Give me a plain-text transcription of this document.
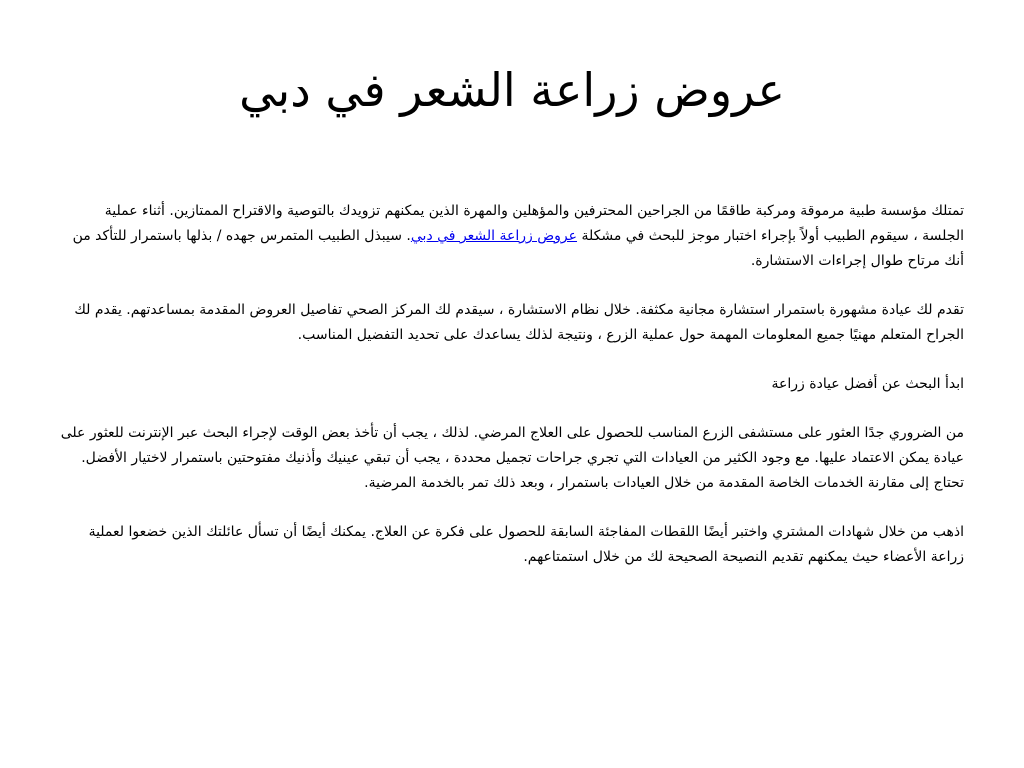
عروض زراعة الشعر في دبي

تمتلك مؤسسة طبية مرموقة ومركبة طاقمًا من الجراحين المحترفين والمؤهلين والمهرة الذين يمكنهم تزويدك بالتوصية والاقتراح الممتازين. أثناء عملية الجلسة ، سيقوم الطبيب أولاً بإجراء اختبار موجز للبحث في مشكلة عروض زراعة الشعر في دبي. سيبذل الطبيب المتمرس جهده / بذلها باستمرار للتأكد من أنك مرتاح طوال إجراءات الاستشارة.

تقدم لك عيادة مشهورة باستمرار استشارة مجانية مكثفة. خلال نظام الاستشارة ، سيقدم لك المركز الصحي تفاصيل العروض المقدمة بمساعدتهم. يقدم لك الجراح المتعلم مهنيًا جميع المعلومات المهمة حول عملية الزرع ، ونتيجة لذلك يساعدك على تحديد التفضيل المناسب.

ابدأ البحث عن أفضل عيادة زراعة

من الضروري جدًا العثور على مستشفى الزرع المناسب للحصول على العلاج المرضي. لذلك ، يجب أن تأخذ بعض الوقت لإجراء البحث عبر الإنترنت للعثور على عيادة يمكن الاعتماد عليها. مع وجود الكثير من العيادات التي تجري جراحات تجميل محددة ، يجب أن تبقي عينيك وأذنيك مفتوحتين باستمرار لاختيار الأفضل. تحتاج إلى مقارنة الخدمات الخاصة المقدمة من خلال العيادات باستمرار ، وبعد ذلك تمر بالخدمة المرضية.

اذهب من خلال شهادات المشتري واختبر أيضًا اللقطات المفاجئة السابقة للحصول على فكرة عن العلاج. يمكنك أيضًا أن تسأل عائلتك الذين خضعوا لعملية زراعة الأعضاء حيث يمكنهم تقديم النصيحة الصحيحة لك من خلال استمتاعهم.
